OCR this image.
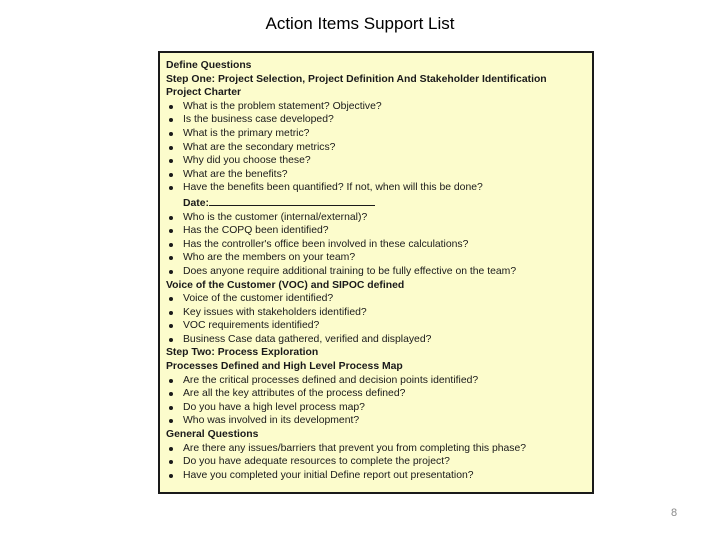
Action Items Support List
Define Questions
Step One: Project Selection, Project Definition And Stakeholder Identification
Project Charter
What is the problem statement? Objective?
Is the business case developed?
What is the primary metric?
What are the secondary metrics?
Why did you choose these?
What are the benefits?
Have the benefits been quantified? If not, when will this be done?
Date:
Who is the customer (internal/external)?
Has the COPQ been identified?
Has the controller's office been involved in these calculations?
Who are the members on your team?
Does anyone require additional training to be fully effective on the team?
Voice of the Customer (VOC) and SIPOC defined
Voice of the customer identified?
Key issues with stakeholders identified?
VOC requirements identified?
Business Case data gathered, verified and displayed?
Step Two: Process Exploration
Processes Defined and High Level Process Map
Are the critical processes defined and decision points identified?
Are all the key attributes of the process defined?
Do you have a high level process map?
Who was involved in its development?
General Questions
Are there any issues/barriers that prevent you from completing this phase?
Do you have adequate resources to complete the project?
Have you completed your initial Define report out presentation?
8
